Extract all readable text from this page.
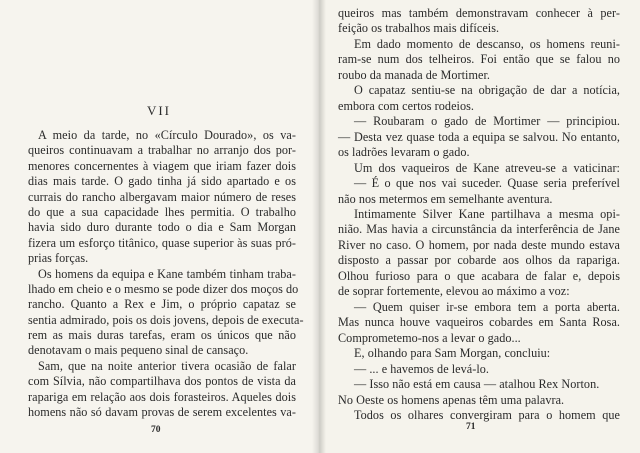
VII
A meio da tarde, no «Círculo Dourado», os va-
queiros continuavam a trabalhar no arranjo dos por-
menores concernentes à viagem que iriam fazer dois
dias mais tarde. O gado tinha já sido apartado e os
currais do rancho albergavam maior número de reses
do que a sua capacidade lhes permitia. O trabalho
havia sido duro durante todo o dia e Sam Morgan
fizera um esforço titânico, quase superior às suas pró-
prias forças.
Os homens da equipa e Kane também tinham traba-
lhado em cheio e o mesmo se pode dizer dos moços do
rancho. Quanto a Rex e Jim, o próprio capataz se
sentia admirado, pois os dois jovens, depois de executa-
rem as mais duras tarefas, eram os únicos que não
denotavam o mais pequeno sinal de cansaço.
Sam, que na noite anterior tivera ocasião de falar
com Sílvia, não compartilhava dos pontos de vista da
rapariga em relação aos dois forasteiros. Aqueles dois
homens não só davam provas de serem excelentes va-
70
queiros mas também demonstravam conhecer à per-
feição os trabalhos mais difíceis.
Em dado momento de descanso, os homens reuni-
ram-se num dos telheiros. Foi então que se falou no
roubo da manada de Mortimer.
O capataz sentiu-se na obrigação de dar a notícia,
embora com certos rodeios.
— Roubaram o gado de Mortimer — principiou.
— Desta vez quase toda a equipa se salvou. No entanto,
os ladrões levaram o gado.
Um dos vaqueiros de Kane atreveu-se a vaticinar:
— É o que nos vai suceder. Quase seria preferível
não nos metermos em semelhante aventura.
Intimamente Silver Kane partilhava a mesma opi-
nião. Mas havia a circunstância da interferência de Jane
River no caso. O homem, por nada deste mundo estava
disposto a passar por cobarde aos olhos da rapariga.
Olhou furioso para o que acabara de falar e, depois
de soprar fortemente, elevou ao máximo a voz:
— Quem quiser ir-se embora tem a porta aberta.
Mas nunca houve vaqueiros cobardes em Santa Rosa.
Comprometemo-nos a levar o gado...
E, olhando para Sam Morgan, concluiu:
— ... e havemos de levá-lo.
— Isso não está em causa — atalhou Rex Norton.
No Oeste os homens apenas têm uma palavra.
Todos os olhares convergiram para o homem que
71
